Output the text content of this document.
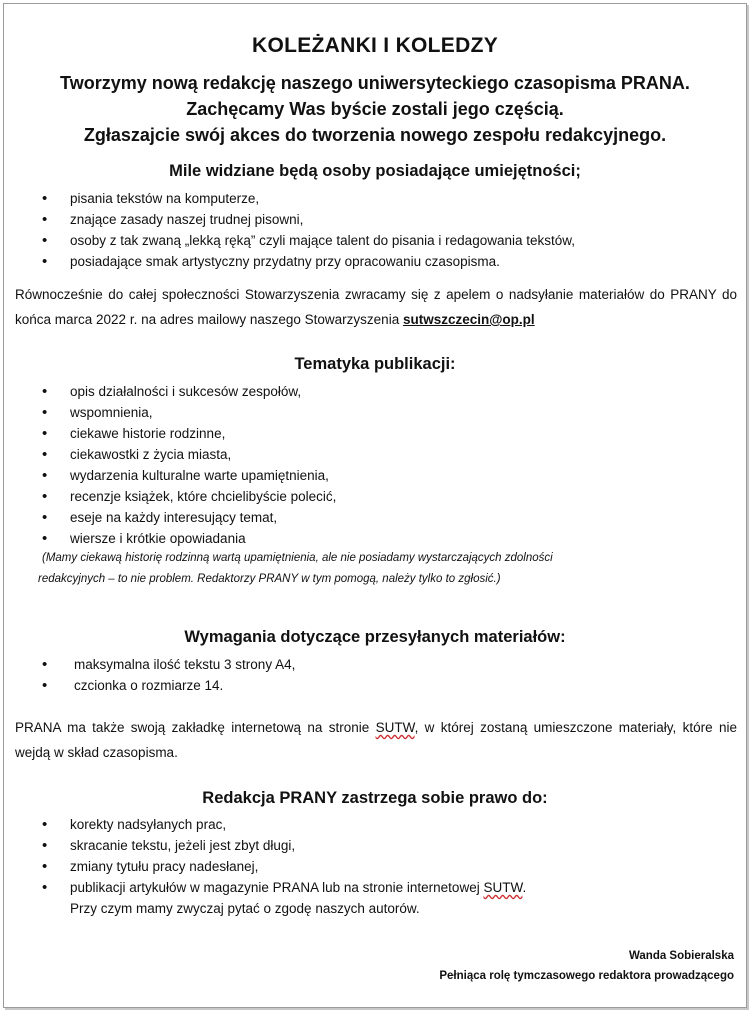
KOLEŻANKI I KOLEDZY
Tworzymy nową redakcję naszego uniwersyteckiego czasopisma PRANA.
Zachęcamy Was byście zostali jego częścią.
Zgłaszajcie swój akces do tworzenia nowego zespołu redakcyjnego.
Mile widziane będą osoby posiadające umiejętności;
• pisania tekstów na komputerze,
• znające zasady naszej trudnej pisowni,
• osoby z tak zwaną „lekką ręką” czyli mające talent do pisania i redagowania tekstów,
• posiadające smak artystyczny przydatny przy opracowaniu czasopisma.
Równocześnie do całej społeczności Stowarzyszenia zwracamy się z apelem o nadsyłanie materiałów do PRANY do końca marca 2022 r. na adres mailowy naszego Stowarzyszenia sutwszczecin@op.pl
Tematyka publikacji:
• opis działalności i sukcesów zespołów,
• wspomnienia,
• ciekawe historie rodzinne,
• ciekawostki z życia miasta,
• wydarzenia kulturalne warte upamiętnienia,
• recenzje książek, które chcielibyście polecić,
• eseje na każdy interesujący temat,
• wiersze i krótkie opowiadania
(Mamy ciekawą historię rodzinną wartą upamiętnienia, ale nie posiadamy wystarczających zdolności
redakcyjnych – to nie problem. Redaktorzy PRANY w tym pomogą, należy tylko to zgłosić.)
Wymagania dotyczące przesyłanych materiałów:
• maksymalna ilość tekstu 3 strony A4,
• czcionka o rozmiarze 14.
PRANA ma także swoją zakładkę internetową na stronie SUTW, w której zostaną umieszczone materiały, które nie wejdą w skład czasopisma.
Redakcja PRANY zastrzega sobie prawo do:
• korekty nadsyłanych prac,
• skracanie tekstu, jeżeli jest zbyt długi,
• zmiany tytułu pracy nadesłanej,
• publikacji artykułów w magazynie PRANA lub na stronie internetowej SUTW.
Przy czym mamy zwyczaj pytać o zgodę naszych autorów.
Wanda Sobieralska
Pełniąca rolę tymczasowego redaktora prowadzącego
